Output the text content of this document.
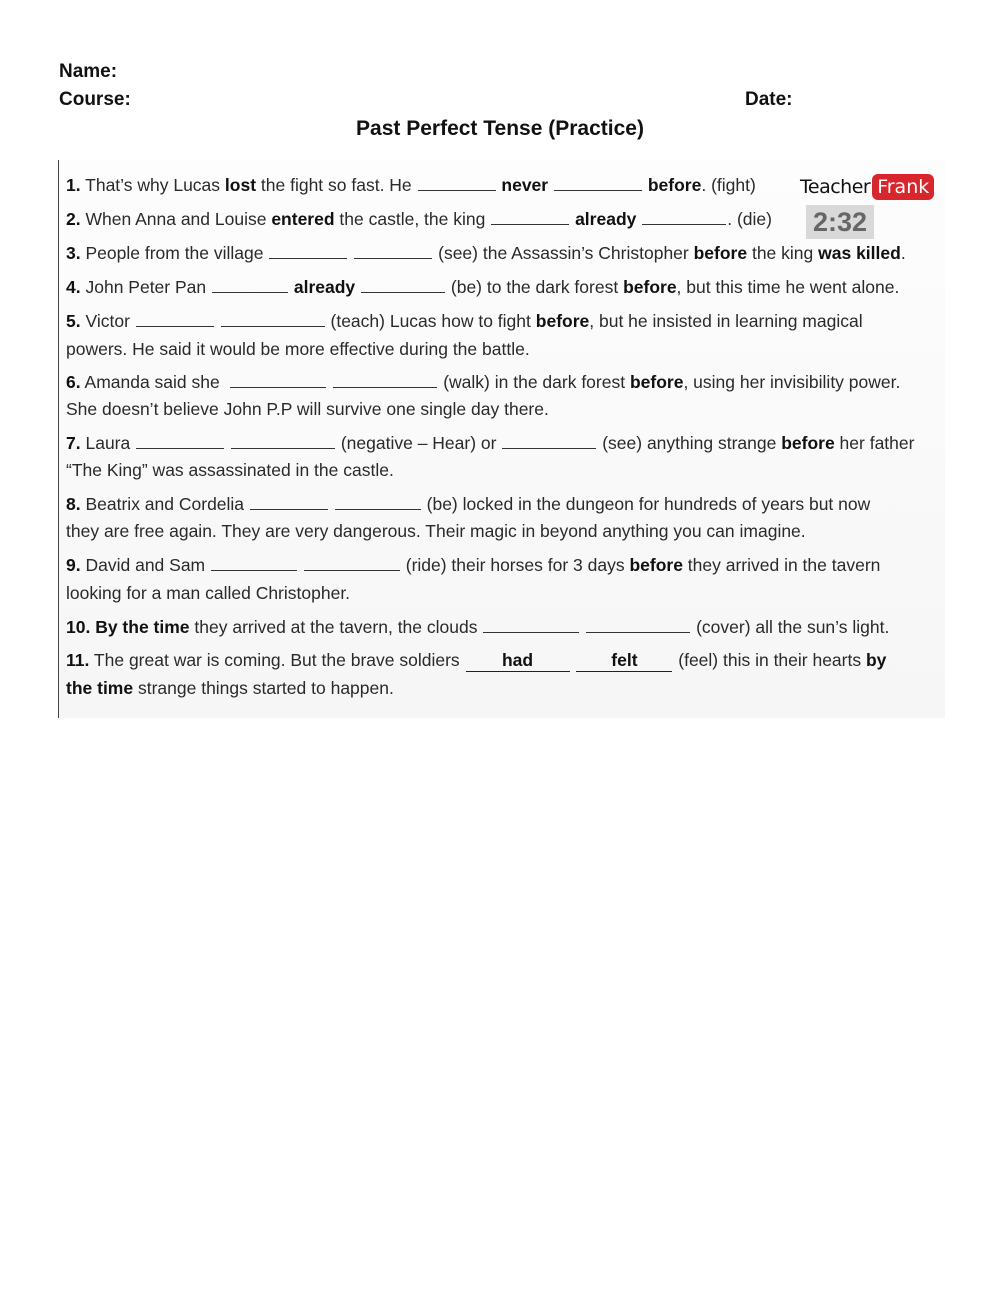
Name:
Course:	Date:
Past Perfect Tense (Practice)
Teacher Frank
2:32
1. That’s why Lucas lost the fight so fast. He	never	before. (fight)
2. When Anna and Louise entered the castle, the king	already	. (die)
3. People from the village	(see) the Assassin’s Christopher before the king was killed.
4. John Peter Pan	already	(be) to the dark forest before, but this time he went alone.
5. Victor	(teach) Lucas how to fight before, but he insisted in learning magical
powers. He said it would be more effective during the battle.
6. Amanda said she	(walk) in the dark forest before, using her invisibility power.
She doesn’t believe John P.P will survive one single day there.
7. Laura	(negative – Hear) or	(see) anything strange before her father
“The King” was assassinated in the castle.
8. Beatrix and Cordelia	(be) locked in the dungeon for hundreds of years but now
they are free again. They are very dangerous. Their magic in beyond anything you can imagine.
9. David and Sam	(ride) their horses for 3 days before they arrived in the tavern
looking for a man called Christopher.
10. By the time they arrived at the tavern, the clouds	(cover) all the sun’s light.
11. The great war is coming. But the brave soldiers had	felt (feel) this in their hearts by
the time strange things started to happen.
